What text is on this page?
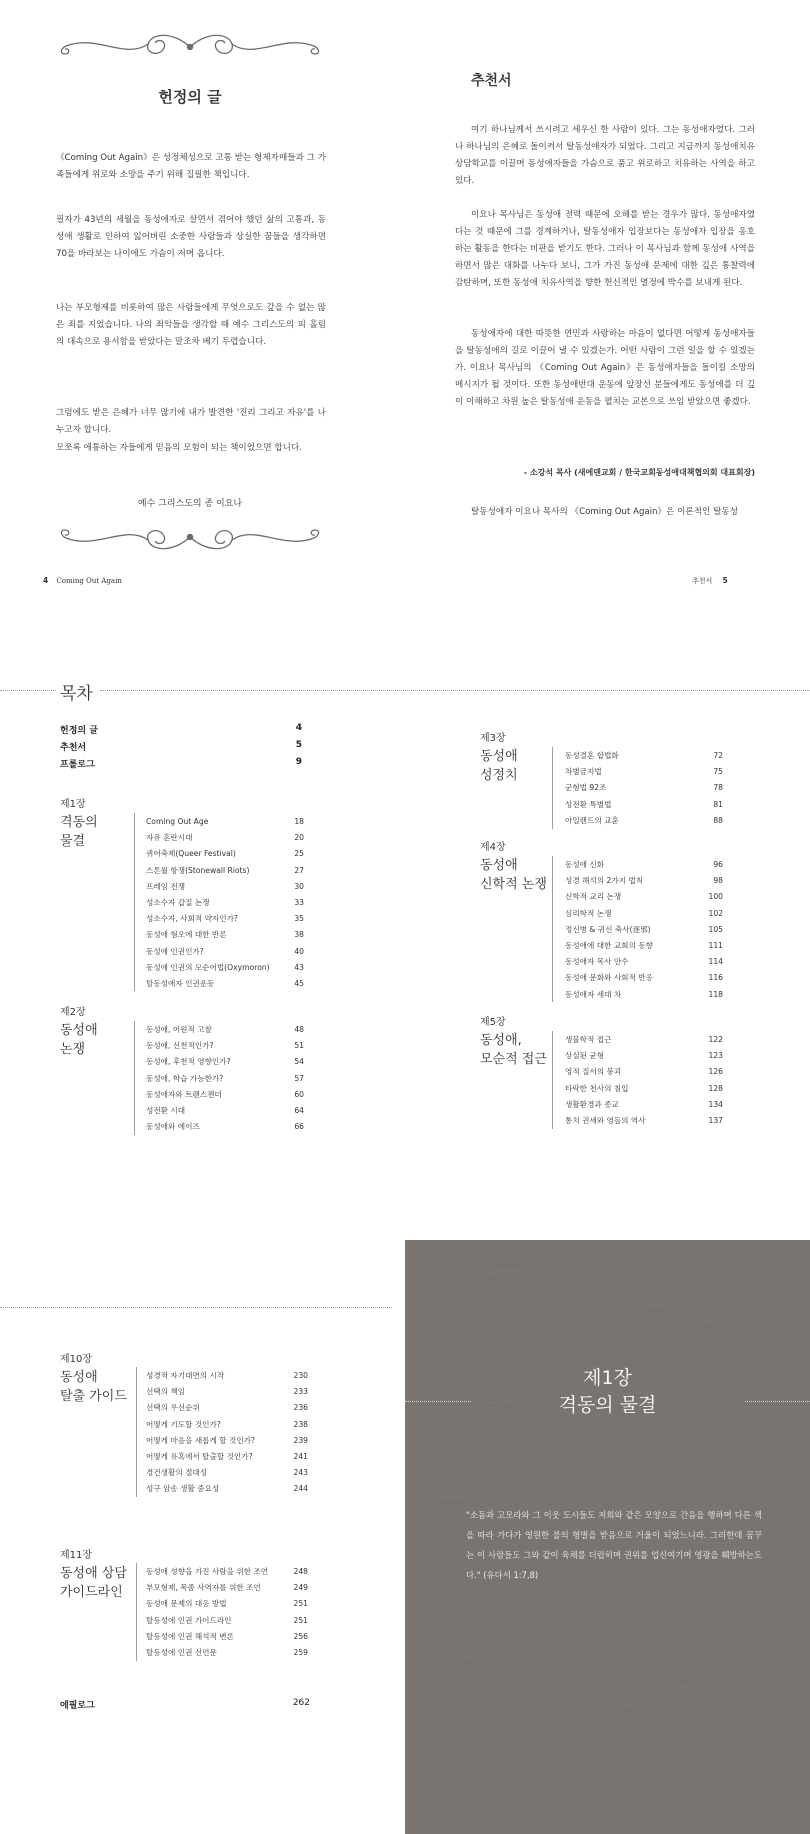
헌정의 글
《Coming Out Again》은 성정체성으로 고통 받는 형제자매들과 그 가족들에게 위로와 소망을 주기 위해 집필한 책입니다.
필자가 43년의 세월을 동성애자로 살면서 겪어야 했던 삶의 고통과, 동성애 생활로 인하여 잃어버린 소중한 사람들과 상실한 꿈들을 생각하면 70을 바라보는 나이에도 가슴이 저며 옵니다.
나는 부모형제를 비롯하여 많은 사람들에게 무엇으로도 갚을 수 없는 많은 죄를 지었습니다. 나의 죄악들을 생각할 때 예수 그리스도의 피 흘림의 대속으로 용서함을 받았다는 말조차 베기 두렵습니다.
그럼에도 받은 은혜가 너무 많기에 내가 발견한 '진리 그리고 자유'를 나누고자 합니다.
모쪼록 애통하는 자들에게 믿음의 모험이 되는 책이었으면 합니다.
예수 그리스도의 종 이요나
추천서
여기 하나님께서 쓰시려고 세우신 한 사람이 있다. 그는 동성애자였다. 그러나 하나님의 은혜로 돌이켜서 탈동성애자가 되었다. 그리고 지금까지 동성애치유상담학교를 이끌며 동성애자들을 가슴으로 품고 위로하고 치유하는 사역을 하고 있다.
이요나 목사님은 동성애 전력 때문에 오해를 받는 경우가 많다. 동성애자였다는 것 때문에 그를 경계하거나, 탈동성애자 입장보다는 동성애자 입장을 옹호하는 활동을 한다는 비판을 받기도 한다. 그러나 이 목사님과 함께 동성애 사역을 하면서 많은 대화를 나누다 보니, 그가 가진 동성애 문제에 대한 깊은 통찰력에 감탄하며, 또한 동성애 치유사역을 향한 헌신적인 열정에 박수를 보내게 된다.
동성애자에 대한 따뜻한 연민과 사랑하는 마음이 없다면 어떻게 동성애자들을 탈동성애의 길로 이끌어 낼 수 있겠는가. 어떤 사람이 그런 일을 할 수 있겠는가. 이요나 목사님의 《Coming Out Again》은 동성애자들을 돌이킬 소망의 메시지가 될 것이다. 또한 동성애반대 운동에 앞장선 분들에게도 동성애를 더 깊이 이해하고 차원 높은 탈동성애 운동을 펼치는 교본으로 쓰임 받았으면 좋겠다.
- 소강석 목사 (새에덴교회 / 한국교회동성애대책협의회 대표회장)
탈동성애자 이요나 목사의 《Coming Out Again》은 이론적인 탈동성
4 Coming Out Again	추천서 5
목차
헌정의 글	4
추천서	5
프롤로그	9
제1장
격동의
물결
Coming Out Age	18
자유 혼란시대	20
퀴어축제(Queer Festival)	25
스톤월 항쟁(Stonewall Riots)	27
프레임 전쟁	30
성소수자 갑질 논쟁	33
성소수자, 사회적 약자인가?	35
동성애 혐오에 대한 반론	38
동성애 인권인가?	40
동성애 인권의 모순어법(Oxymoron)	43
탈동성애자 인권운동	45
제2장
동성애
논쟁
동성애, 어원적 고찰	48
동성애, 선천적인가?	51
동성애, 후천적 영향인가?	54
동성애, 학습 가능한가?	57
동성애자와 트랜스젠더	60
성전환 시대	64
동성애와 에이즈	66
제3장
동성애
성정치
동성결혼 합법화	72
차별금지법	75
군형법 92조	78
성전환 특별법	81
아일랜드의 교훈	88
제4장
동성애
신학적 논쟁
동성애 신화	96
성경 해석의 2가지 법칙	98
신학적 교리 논쟁	100
심리학적 논쟁	102
정신병 & 귀신 축사(逐邪)	105
동성애에 대한 교회의 동향	111
동성애자 목사 안수	114
동성애 문화와 사회적 반응	116
동성애자 세대 차	118
제5장
동성애,
모순적 접근
생물학적 접근	122
상실된 균형	123
영적 질서의 붕괴	126
타락한 천사의 침입	128
생활환경과 종교	134
통치 권세와 영들의 역사	137
제10장
동성애
탈출 가이드
성경적 자기대면의 시작	230
선택의 책임	233
선택의 우선순위	236
어떻게 기도할 것인가?	238
어떻게 마음을 새롭게 할 것인가?	239
어떻게 유혹에서 탈출할 것인가?	241
경건생활의 절대성	243
성구 암송 생활 중요성	244
제11장
동성애 상담
가이드라인
동성애 성향을 가진 사람을 위한 조언	248
부모형제, 목좀 사역자를 위한 조언	249
동성애 문제의 대응 방법	251
탈동성애 인권 가이드라인	251
탈동성애 인권 해석적 변론	256
탈동성애 인권 선언문	259
에필로그	262
제1장
격동의 물결
"소돔과 고모라와 그 이웃 도시들도 저희와 같은 모양으로 간음을 행하며 다른 색을 따라 가다가 영원한 불의 형벌을 받음으로 거울이 되었느니라. 그러한데 꿈꾸는 이 사람들도 그와 같이 육체를 더럽히며 권위를 업신여기며 영광을 훼방하는도다." (유다서 1:7,8)
